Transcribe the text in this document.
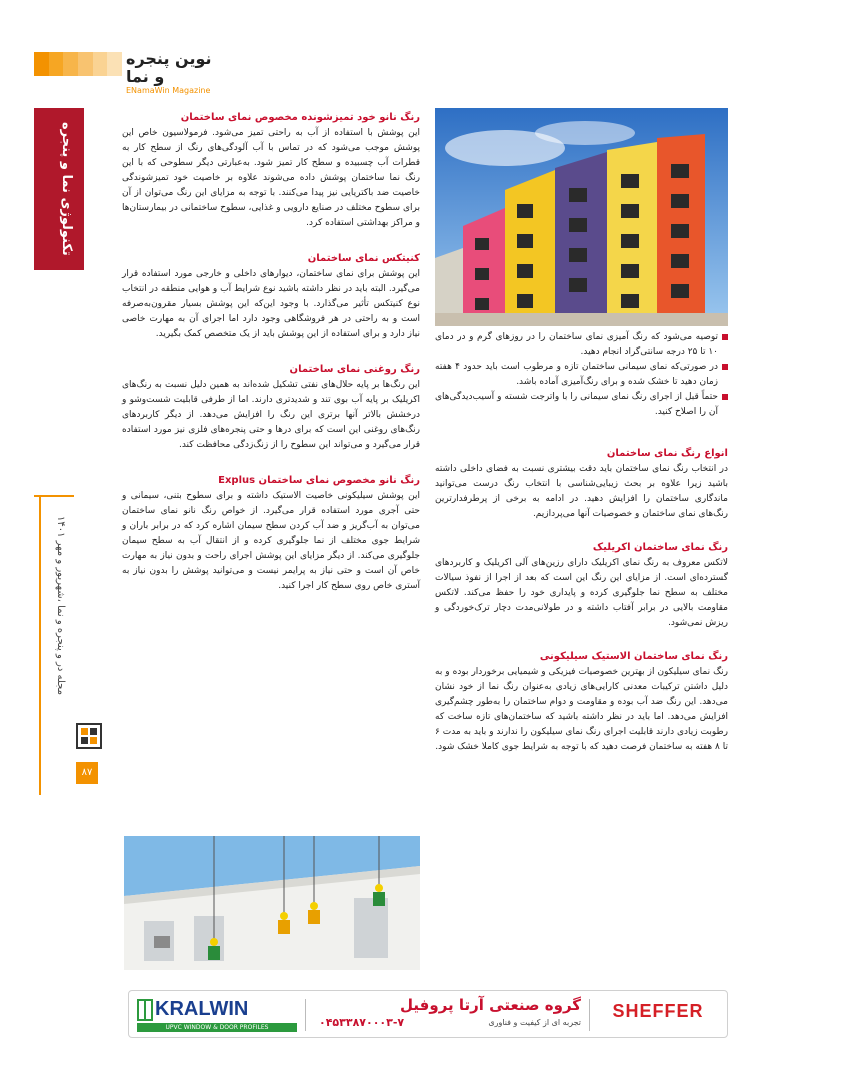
نوین پنجره و نما
ENamaWin Magazine
تکنولوژی نما و پنجره
مجله در و پنجره و نما ،شهریور و مهر ۱۴۰۱
۸۷

توصیه می‌شود که رنگ آمیزی نمای ساختمان را در روزهای گرم و در دمای ۱۰ تا ۲۵ درجه سانتی‌گراد انجام دهید.

در صورتی‌که نمای سیمانی ساختمان تازه و مرطوب است باید حدود ۴ هفته زمان دهید تا خشک شده و برای رنگ‌آمیزی آماده باشد.

حتماً قبل از اجرای رنگ نمای سیمانی را با واترجت شسته و آسیب‌دیدگی‌های آن را اصلاح کنید.

انواع رنگ نمای ساختمان

در انتخاب رنگ نمای ساختمان باید دقت بیشتری نسبت به فضای داخلی داشته باشید زیرا علاوه بر بحث زیبایی‌شناسی با انتخاب رنگ درست می‌توانید ماندگاری ساختمان را افزایش دهید. در ادامه به برخی از پرطرفدارترین رنگ‌های نمای ساختمان و خصوصیات آنها می‌پردازیم.

رنگ نمای ساختمان اکریلیک

لاتکس معروف به رنگ نمای اکریلیک دارای رزین‌های آلی اکریلیک و کاربردهای گسترده‌ای است. از مزایای این رنگ این است که بعد از اجرا از نفوذ سیالات مختلف به سطح نما جلوگیری کرده و پایداری خود را حفظ می‌کند. لاتکس مقاومت بالایی در برابر آفتاب داشته و در طولانی‌مدت دچار ترک‌خوردگی و ریزش نمی‌شود.

رنگ نمای ساختمان الاستیک سیلیکونی

رنگ نمای سیلیکون از بهترین خصوصیات فیزیکی و شیمیایی برخوردار بوده و به دلیل داشتن ترکیبات معدنی کارایی‌های زیادی به‌عنوان رنگ نما از خود نشان می‌دهد. این رنگ ضد آب بوده و مقاومت و دوام ساختمان را به‌طور چشم‌گیری افزایش می‌دهد. اما باید در نظر داشته باشید که ساختمان‌های تازه ساخت که رطوبت زیادی دارند قابلیت اجرای رنگ نمای سیلیکون را ندارند و باید به مدت ۶ تا ۸ هفته به ساختمان فرصت دهید که با توجه به شرایط جوی کاملا خشک شود.

رنگ نانو خود تمیزشونده مخصوص نمای ساختمان

این پوشش با استفاده از آب به راحتی تمیز می‌شود. فرمولاسیون خاص این پوشش موجب می‌شود که در تماس با آب آلودگی‌های رنگ از سطح کار به قطرات آب چسبیده و سطح کار تمیز شود. به‌عبارتی دیگر سطوحی که با این رنگ نما ساختمان پوشش داده می‌شوند علاوه بر خاصیت خود تمیزشوندگی خاصیت ضد باکتریایی نیز پیدا می‌کنند. با توجه به مزایای این رنگ می‌توان از آن برای سطوح مختلف در صنایع دارویی و غذایی، سطوح ساختمانی در بیمارستان‌ها و مراکز بهداشتی استفاده کرد.

کنیتکس نمای ساختمان

این پوشش برای نمای ساختمان، دیوارهای داخلی و خارجی مورد استفاده قرار می‌گیرد. البته باید در نظر داشته باشید نوع شرایط آب و هوایی منطقه در انتخاب نوع کنیتکس تأثیر می‌گذارد. با وجود این‌که این پوشش بسیار مقرون‌به‌صرفه است و به راحتی در هر فروشگاهی وجود دارد اما اجرای آن به مهارت خاصی نیاز دارد و برای استفاده از این پوشش باید از یک متخصص کمک بگیرید.

رنگ روغنی نمای ساختمان

این رنگ‌ها بر پایه حلال‌های نفتی تشکیل شده‌اند به همین دلیل نسبت به رنگ‌های اکریلیک بر پایه آب بوی تند و شدیدتری دارند. اما از طرفی قابلیت شست‌وشو و درخشش بالاتر آنها برتری این رنگ را افزایش می‌دهد. از دیگر کاربردهای رنگ‌های روغنی این است که برای درها و حتی پنجره‌های فلزی نیز مورد استفاده قرار می‌گیرد و می‌تواند این سطوح را از زنگ‌زدگی محافظت کند.

رنگ نانو مخصوص نمای ساختمان Explus

این پوشش سیلیکونی خاصیت الاستیک داشته و برای سطوح بتنی، سیمانی و حتی آجری مورد استفاده قرار می‌گیرد. از خواص رنگ نانو نمای ساختمان می‌توان به آب‌گریز و ضد آب کردن سطح سیمان اشاره کرد که در برابر باران و شرایط جوی مختلف از نما جلوگیری کرده و از انتقال آب به سطح سیمان جلوگیری می‌کند. از دیگر مزایای این پوشش اجرای راحت و بدون نیاز به مهارت خاص آن است و حتی نیاز به پرایمر نیست و می‌توانید پوشش را بدون نیاز به آستری خاص روی سطح کار اجرا کنید.

SHEFFER
گروه صنعتی آرتا پروفیل
تجربه ای از کیفیت و فناوری
۰۴۵۳۳۸۷۰۰۰۳-۷
KRALWIN
UPVC WINDOW & DOOR PROFILES
